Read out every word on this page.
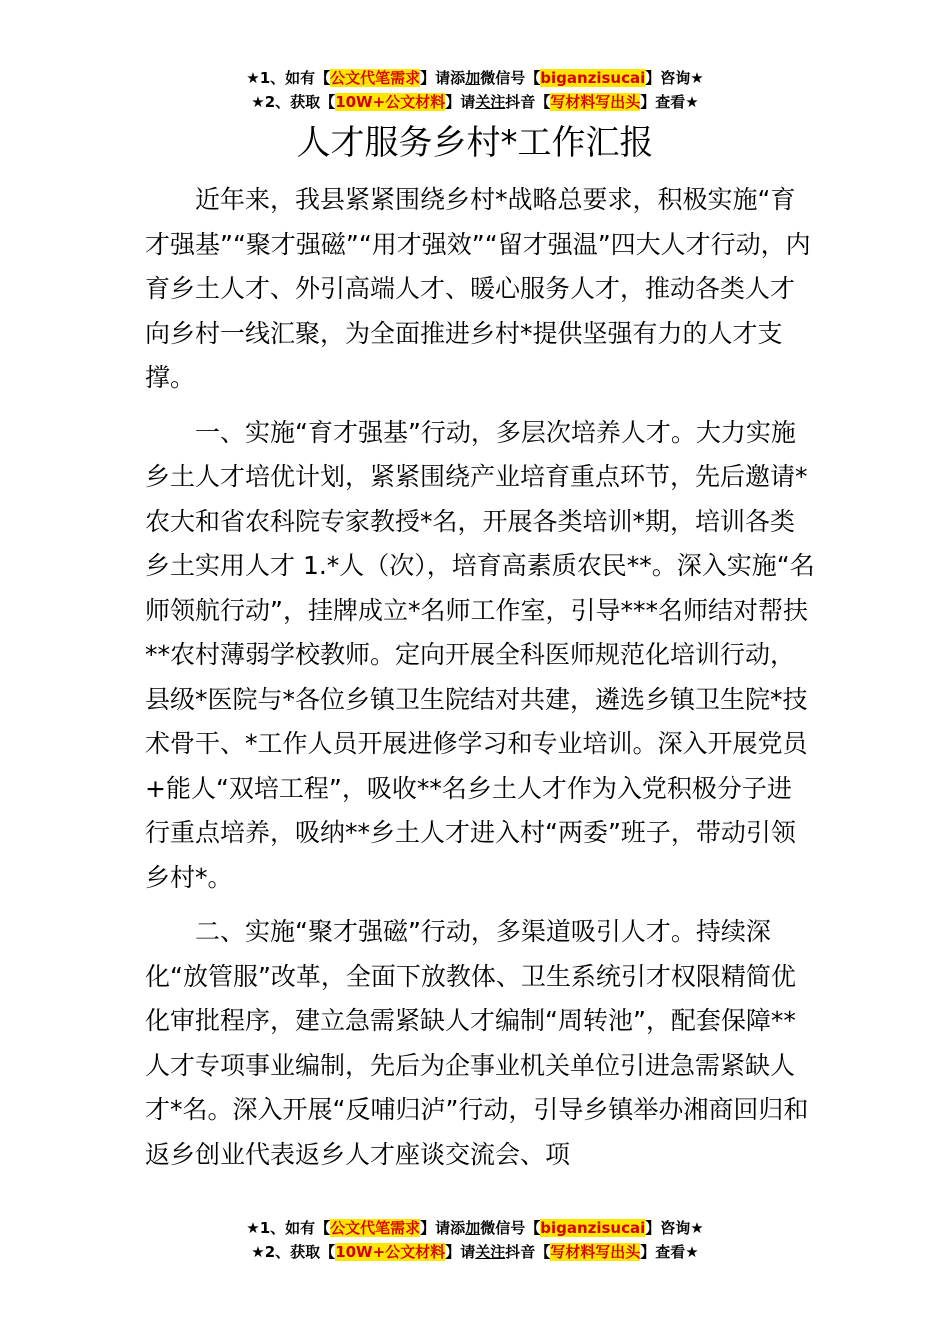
★1、如有【公文代笔需求】请添加微信号【biganzisucai】咨询★
★2、获取【10W+公文材料】请关注抖音【写材料写出头】查看★
人才服务乡村*工作汇报

近年来，我县紧紧围绕乡村*战略总要求，积极实施“育才强基”“聚才强磁”“用才强效”“留才强温”四大人才行动，内育乡土人才、外引高端人才、暖心服务人才，推动各类人才向乡村一线汇聚，为全面推进乡村*提供坚强有力的人才支撑。

一、实施“育才强基”行动，多层次培养人才。大力实施乡土人才培优计划，紧紧围绕产业培育重点环节，先后邀请*农大和省农科院专家教授*名，开展各类培训*期，培训各类乡土实用人才 1.*人（次），培育高素质农民**。深入实施“名师领航行动”，挂牌成立*名师工作室，引导***名师结对帮扶**农村薄弱学校教师。定向开展全科医师规范化培训行动，县级*医院与*各位乡镇卫生院结对共建，遴选乡镇卫生院*技术骨干、*工作人员开展进修学习和专业培训。深入开展党员+能人“双培工程”，吸收**名乡土人才作为入党积极分子进行重点培养，吸纳**乡土人才进入村“两委”班子，带动引领乡村*。

二、实施“聚才强磁”行动，多渠道吸引人才。持续深化“放管服”改革，全面下放教体、卫生系统引才权限精简优化审批程序，建立急需紧缺人才编制“周转池”，配套保障**人才专项事业编制，先后为企事业机关单位引进急需紧缺人才*名。深入开展“反哺归泸”行动，引导乡镇举办湘商回归和返乡创业代表返乡人才座谈交流会、项

★1、如有【公文代笔需求】请添加微信号【biganzisucai】咨询★
★2、获取【10W+公文材料】请关注抖音【写材料写出头】查看★
